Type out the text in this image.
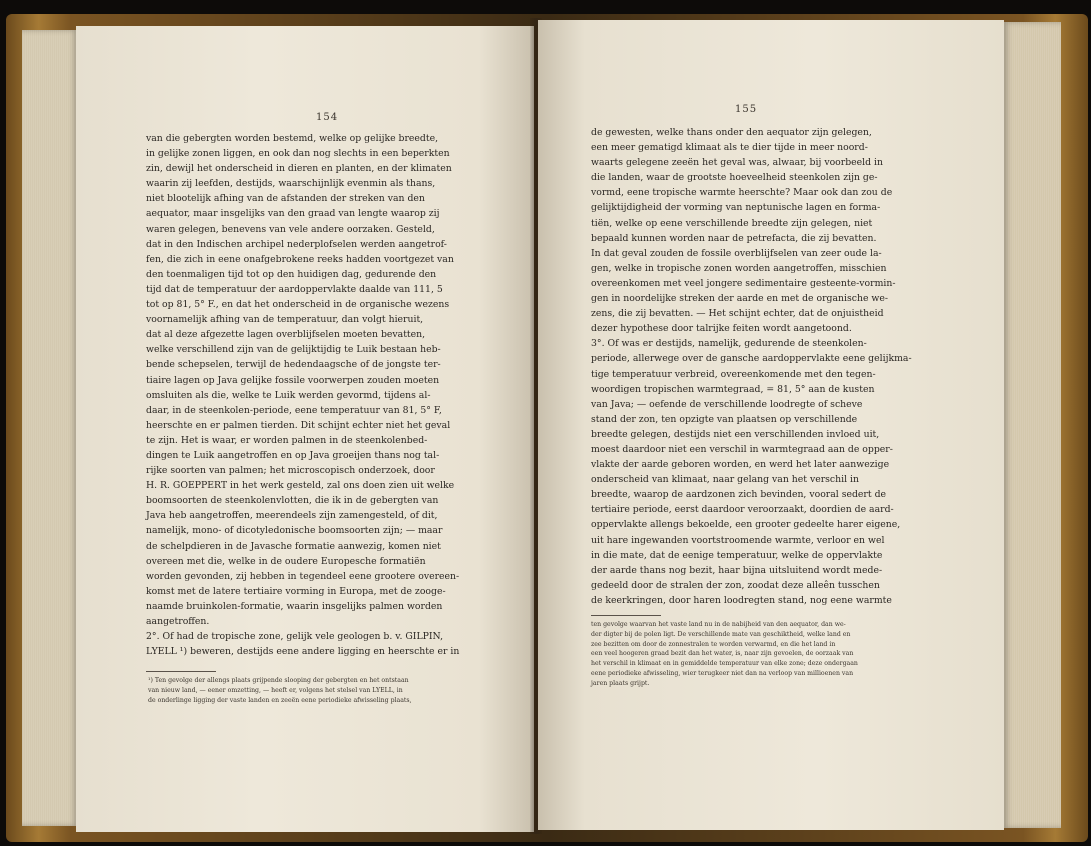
154
van die gebergten worden bestemd, welke op gelijke breedte,
in gelijke zonen liggen, en ook dan nog slechts in een beperkten
zin, dewijl het onderscheid in dieren en planten, en der klimaten
waarin zij leefden, destijds, waarschijnlijk evenmin als thans,
niet blootelijk afhing van de afstanden der streken van den
aequator, maar insgelijks van den graad van lengte waarop zij
waren gelegen, benevens van vele andere oorzaken. Gesteld,
dat in den Indischen archipel nederplofselen werden aangetrof-
fen, die zich in eene onafgebrokene reeks hadden voortgezet van
den toenmaligen tijd tot op den huidigen dag, gedurende den
tijd dat de temperatuur der aardoppervlakte daalde van 111, 5
tot op 81, 5° F., en dat het onderscheid in de organische wezens
voornamelijk afhing van de temperatuur, dan volgt hieruit,
dat al deze afgezette lagen overblijfselen moeten bevatten,
welke verschillend zijn van de gelijktijdig te Luik bestaan heb-
bende schepselen, terwijl de hedendaagsche of de jongste ter-
tiaire lagen op Java gelijke fossile voorwerpen zouden moeten
omsluiten als die, welke te Luik werden gevormd, tijdens al-
daar, in de steenkolen-periode, eene temperatuur van 81, 5° F,
heerschte en er palmen tierden. Dit schijnt echter niet het geval
te zijn. Het is waar, er worden palmen in de steenkolenbed-
dingen te Luik aangetroffen en op Java groeijen thans nog tal-
rijke soorten van palmen; het microscopisch onderzoek, door
H. R. GOEPPERT in het werk gesteld, zal ons doen zien uit welke
boomsoorten de steenkolenvlotten, die ik in de gebergten van
Java heb aangetroffen, meerendeels zijn zamengesteld, of dit,
namelijk, mono- of dicotyledonische boomsoorten zijn; — maar
de schelpdieren in de Javasche formatie aanwezig, komen niet
overeen met die, welke in de oudere Europesche formatiën
worden gevonden, zij hebben in tegendeel eene grootere overeen-
komst met de latere tertiaire vorming in Europa, met de zooge-
naamde bruinkolen-formatie, waarin insgelijks palmen worden
aangetroffen.
2°. Of had de tropische zone, gelijk vele geologen b. v. GILPIN,
LYELL ¹) beweren, destijds eene andere ligging en heerschte er in
¹) Ten gevolge der allengs plaats grijpende slooping der gebergten en het ontstaan
van nieuw land, — eener omzetting, — heeft er, volgens het stelsel van LYELL, in
de onderlinge ligging der vaste landen en zeeën eene periodieke afwisseling plaats,
155
de gewesten, welke thans onder den aequator zijn gelegen,
een meer gematigd klimaat als te dier tijde in meer noord-
waarts gelegene zeeën het geval was, alwaar, bij voorbeeld in
die landen, waar de grootste hoeveelheid steenkolen zijn ge-
vormd, eene tropische warmte heerschte? Maar ook dan zou de
gelijktijdigheid der vorming van neptunische lagen en forma-
tiën, welke op eene verschillende breedte zijn gelegen, niet
bepaald kunnen worden naar de petrefacta, die zij bevatten.
In dat geval zouden de fossile overblijfselen van zeer oude la-
gen, welke in tropische zonen worden aangetroffen, misschien
overeenkomen met veel jongere sedimentaire gesteente-vormin-
gen in noordelijke streken der aarde en met de organische we-
zens, die zij bevatten. — Het schijnt echter, dat de onjuistheid
dezer hypothese door talrijke feiten wordt aangetoond.
3°. Of was er destijds, namelijk, gedurende de steenkolen-
periode, allerwege over de gansche aardoppervlakte eene gelijkma-
tige temperatuur verbreid, overeenkomende met den tegen-
woordigen tropischen warmtegraad, = 81, 5° aan de kusten
van Java; — oefende de verschillende loodregte of scheve
stand der zon, ten opzigte van plaatsen op verschillende
breedte gelegen, destijds niet een verschillenden invloed uit,
moest daardoor niet een verschil in warmtegraad aan de opper-
vlakte der aarde geboren worden, en werd het later aanwezige
onderscheid van klimaat, naar gelang van het verschil in
breedte, waarop de aardzonen zich bevinden, vooral sedert de
tertiaire periode, eerst daardoor veroorzaakt, doordien de aard-
oppervlakte allengs bekoelde, een grooter gedeelte harer eigene,
uit hare ingewanden voortstroomende warmte, verloor en wel
in die mate, dat de eenige temperatuur, welke de oppervlakte
der aarde thans nog bezit, haar bijna uitsluitend wordt mede-
gedeeld door de stralen der zon, zoodat deze alleên tusschen
de keerkringen, door haren loodregten stand, nog eene warmte
ten gevolge waarvan het vaste land nu in de nabijheid van den aequator, dan we-
der digter bij de polen ligt. De verschillende mate van geschiktheid, welke land en
zee bezitten om door de zonnestralen te worden verwarmd, en die het land in
een veel hoogeren graad bezit dan het water, is, naar zijn gevoelen, de oorzaak van
het verschil in klimaat en in gemiddelde temperatuur van elke zone; deze ondergaan
eene periodieke afwisseling, wier terugkeer niet dan na verloop van millioenen van
jaren plaats grijpt.
